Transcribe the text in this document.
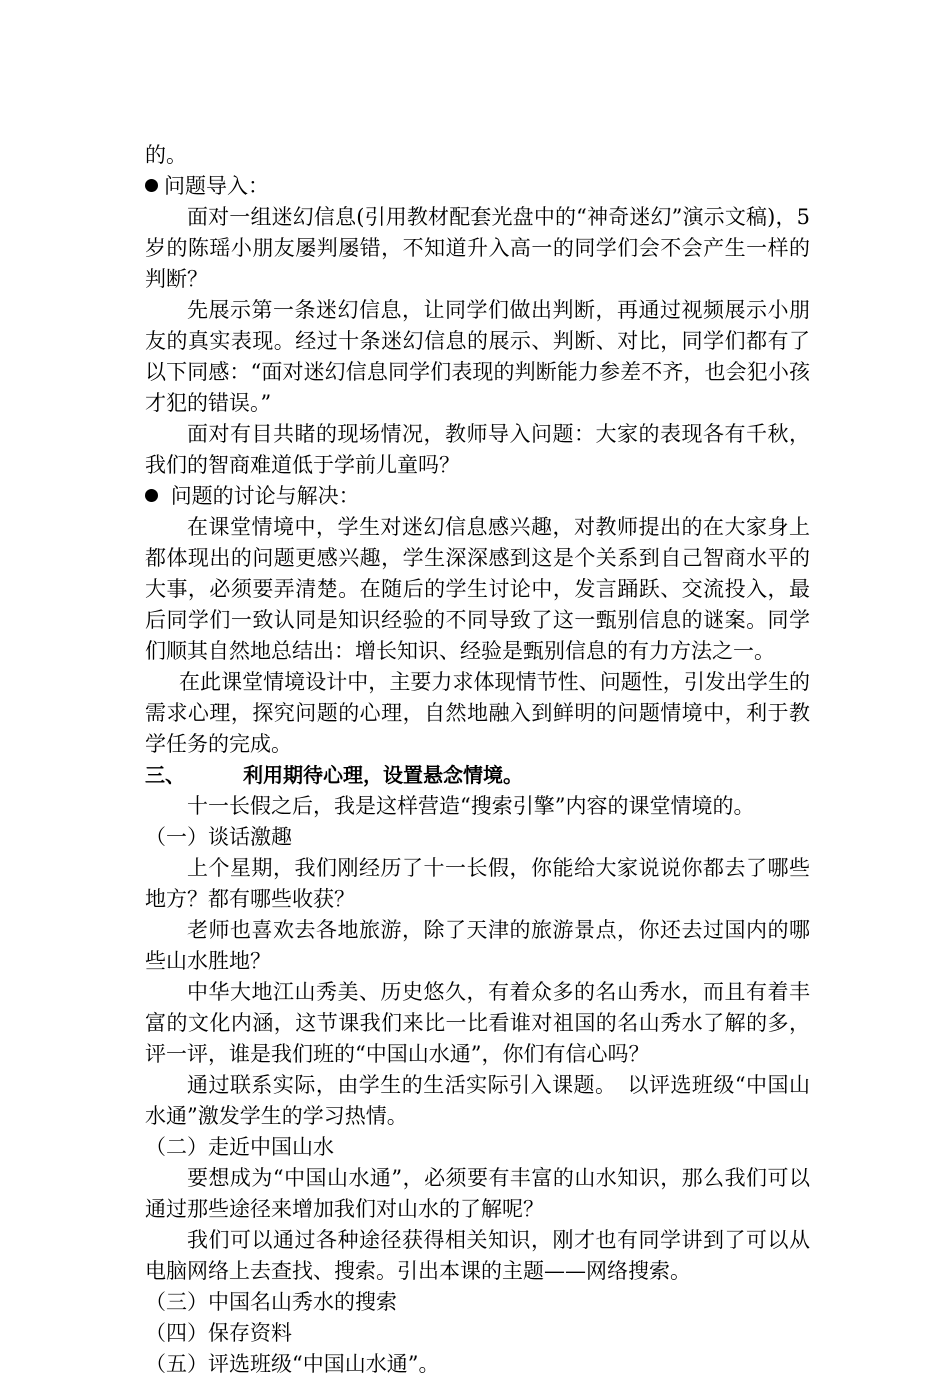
的。

问题导入：

面对一组迷幻信息(引用教材配套光盘中的“神奇迷幻”演示文稿)，5岁的陈瑶小朋友屡判屡错，不知道升入高一的同学们会不会产生一样的判断？

先展示第一条迷幻信息，让同学们做出判断，再通过视频展示小朋友的真实表现。经过十条迷幻信息的展示、判断、对比，同学们都有了以下同感：“面对迷幻信息同学们表现的判断能力参差不齐，也会犯小孩才犯的错误。”

面对有目共睹的现场情况，教师导入问题：大家的表现各有千秋，我们的智商难道低于学前儿童吗？

问题的讨论与解决：

在课堂情境中，学生对迷幻信息感兴趣，对教师提出的在大家身上都体现出的问题更感兴趣，学生深深感到这是个关系到自己智商水平的大事，必须要弄清楚。在随后的学生讨论中，发言踊跃、交流投入，最后同学们一致认同是知识经验的不同导致了这一甄别信息的谜案。同学们顺其自然地总结出：增长知识、经验是甄别信息的有力方法之一。

在此课堂情境设计中，主要力求体现情节性、问题性，引发出学生的需求心理，探究问题的心理，自然地融入到鲜明的问题情境中，利于教学任务的完成。

三、	利用期待心理，设置悬念情境。

十一长假之后，我是这样营造“搜索引擎”内容的课堂情境的。

（一）谈话激趣

上个星期，我们刚经历了十一长假，你能给大家说说你都去了哪些地方？都有哪些收获？

老师也喜欢去各地旅游，除了天津的旅游景点，你还去过国内的哪些山水胜地？

中华大地江山秀美、历史悠久，有着众多的名山秀水，而且有着丰富的文化内涵，这节课我们来比一比看谁对祖国的名山秀水了解的多，评一评，谁是我们班的“中国山水通”，你们有信心吗？

通过联系实际，由学生的生活实际引入课题。　以评选班级“中国山水通”激发学生的学习热情。

（二）走近中国山水

要想成为“中国山水通”，必须要有丰富的山水知识，那么我们可以通过那些途径来增加我们对山水的了解呢？

我们可以通过各种途径获得相关知识，刚才也有同学讲到了可以从电脑网络上去查找、搜索。引出本课的主题——网络搜索。

（三）中国名山秀水的搜索

（四）保存资料

（五）评选班级“中国山水通”。
